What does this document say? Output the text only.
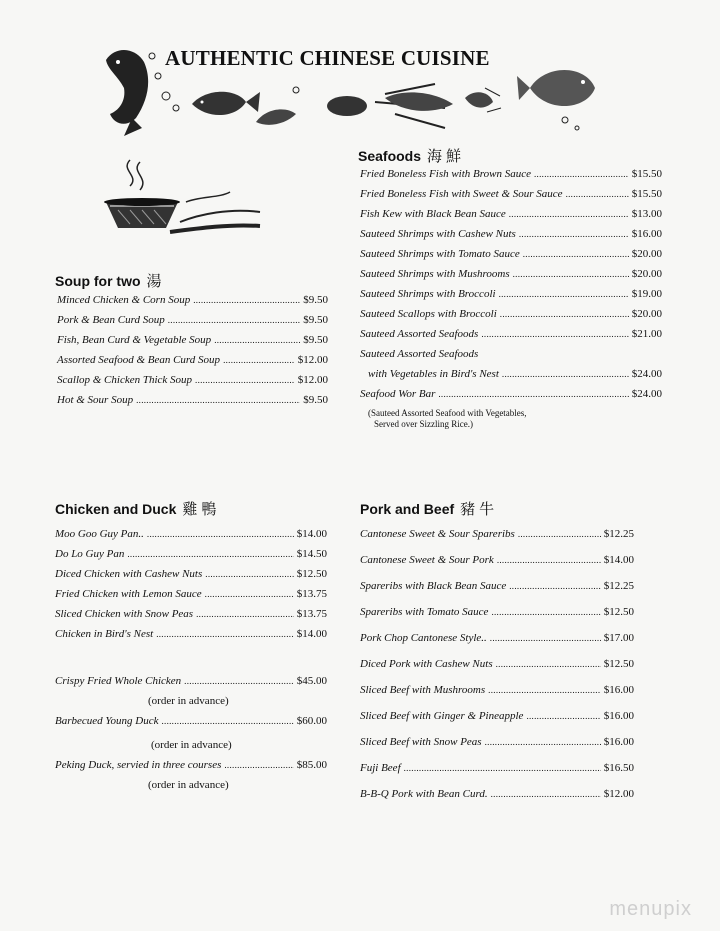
AUTHENTIC CHINESE CUISINE
Soup for two 湯
Minced Chicken & Corn Soup .....	$9.50
Pork & Bean Curd Soup .....	$9.50
Fish, Bean Curd & Vegetable Soup .....	$9.50
Assorted Seafood & Bean Curd Soup .....	$12.00
Scallop & Chicken Thick Soup .....	$12.00
Hot & Sour Soup .....	$9.50
Seafoods 海鮮
Fried Boneless Fish with Brown Sauce .....	$15.50
Fried Boneless Fish with Sweet & Sour Sauce .....	$15.50
Fish Kew with Black Bean Sauce .....	$13.00
Sauteed Shrimps with Cashew Nuts .....	$16.00
Sauteed Shrimps with Tomato Sauce .....	$20.00
Sauteed Shrimps with Mushrooms .....	$20.00
Sauteed Shrimps with Broccoli .....	$19.00
Sauteed Scallops with Broccoli .....	$20.00
Sauteed Assorted Seafoods .....	$21.00
Sauteed Assorted Seafoods
with Vegetables in Bird's Nest .....	$24.00
Seafood Wor Bar .....	$24.00
(Sauteed Assorted Seafood with Vegetables,
Served over Sizzling Rice.)
Chicken and Duck 雞鴨
Moo Goo Guy Pan.. .....	$14.00
Do Lo Guy Pan .....	$14.50
Diced Chicken with Cashew Nuts .....	$12.50
Fried Chicken with Lemon Sauce .....	$13.75
Sliced Chicken with Snow Peas .....	$13.75
Chicken in Bird's Nest .....	$14.00
Crispy Fried Whole Chicken .....	$45.00
(order in advance)
Barbecued Young Duck .....	$60.00
(order in advance)
Peking Duck, servied in three courses .....	$85.00
(order in advance)
Pork and Beef 豬牛
Cantonese Sweet & Sour Spareribs .....	$12.25
Cantonese Sweet & Sour Pork .....	$14.00
Spareribs with Black Bean Sauce .....	$12.25
Spareribs with Tomato Sauce .....	$12.50
Pork Chop Cantonese Style.. .....	$17.00
Diced Pork with Cashew Nuts .....	$12.50
Sliced Beef with Mushrooms .....	$16.00
Sliced Beef with Ginger & Pineapple .....	$16.00
Sliced Beef with Snow Peas .....	$16.00
Fuji Beef .....	$16.50
B-B-Q Pork with Bean Curd. .....	$12.00
menupix
